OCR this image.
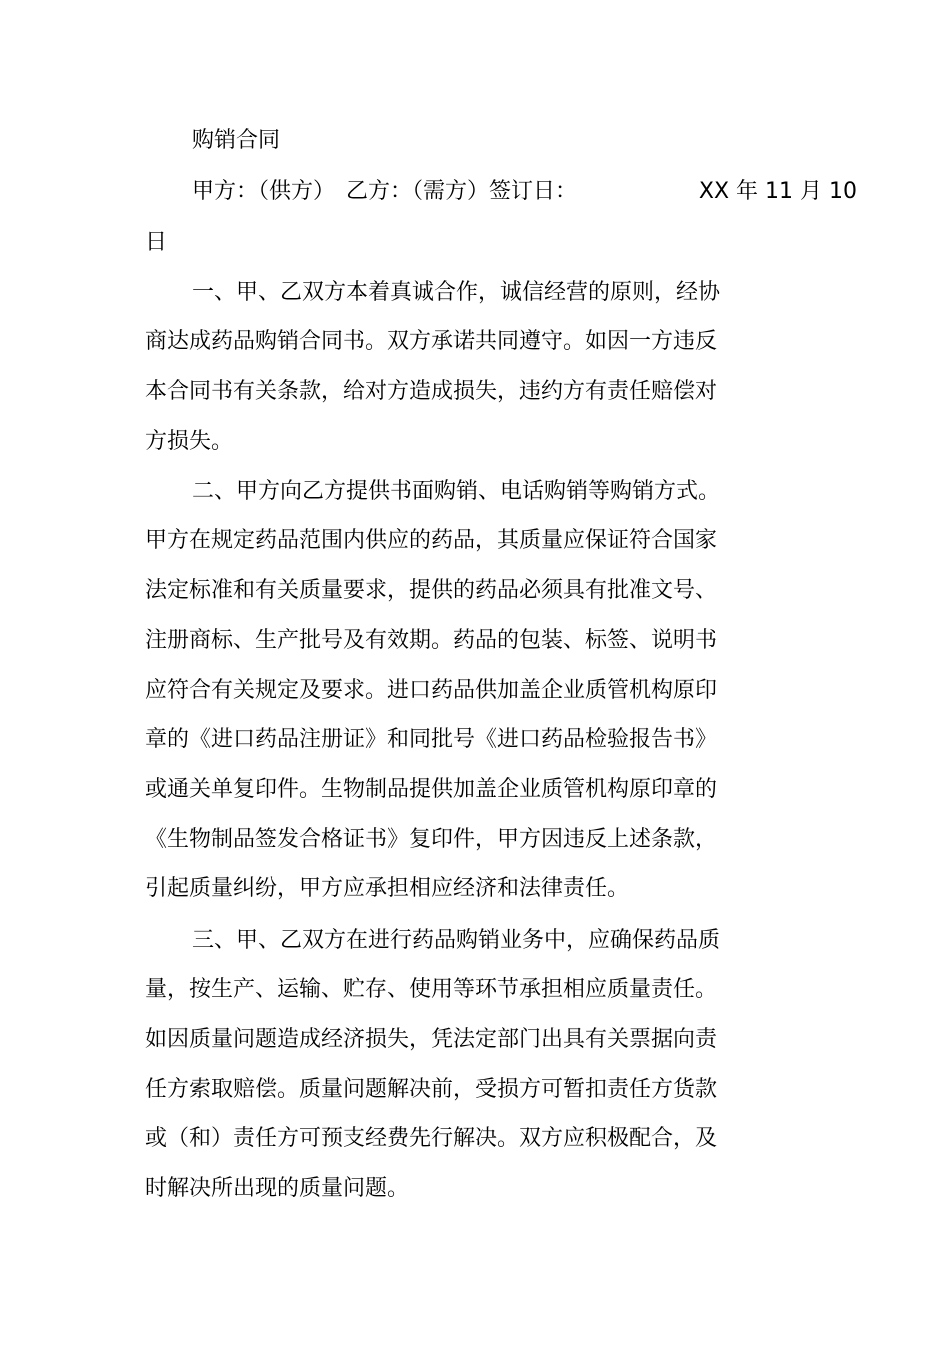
购销合同
甲方：（供方）　乙方：（需方）签订日：	XX 年 11 月 10
日
一、甲、乙双方本着真诚合作，诚信经营的原则，经协
商达成药品购销合同书。双方承诺共同遵守。如因一方违反
本合同书有关条款，给对方造成损失，违约方有责任赔偿对
方损失。
二、甲方向乙方提供书面购销、电话购销等购销方式。
甲方在规定药品范围内供应的药品，其质量应保证符合国家
法定标准和有关质量要求，提供的药品必须具有批准文号、
注册商标、生产批号及有效期。药品的包装、标签、说明书
应符合有关规定及要求。进口药品供加盖企业质管机构原印
章的《进口药品注册证》和同批号《进口药品检验报告书》
或通关单复印件。生物制品提供加盖企业质管机构原印章的
《生物制品签发合格证书》复印件，甲方因违反上述条款，
引起质量纠纷，甲方应承担相应经济和法律责任。
三、甲、乙双方在进行药品购销业务中，应确保药品质
量，按生产、运输、贮存、使用等环节承担相应质量责任。
如因质量问题造成经济损失，凭法定部门出具有关票据向责
任方索取赔偿。质量问题解决前，受损方可暂扣责任方货款
或（和）责任方可预支经费先行解决。双方应积极配合，及
时解决所出现的质量问题。
